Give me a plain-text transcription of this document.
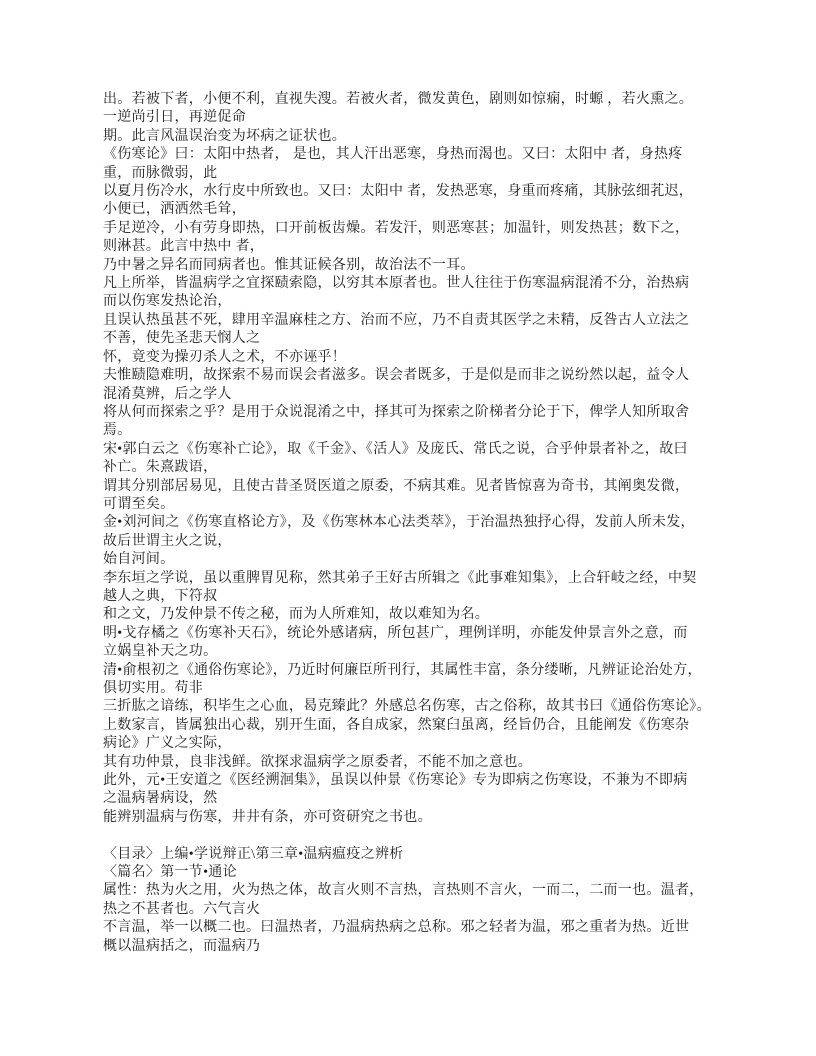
出。若被下者，小便不利，直视失溲。若被火者，微发黄色，剧则如惊痫，时螈 ，若火熏之。
一逆尚引日，再逆促命
期。此言风温误治变为坏病之证状也。
《伤寒论》曰：太阳中热者， 是也，其人汗出恶寒，身热而渴也。又曰：太阳中 者，身热疼
重，而脉微弱，此
以夏月伤冷水，水行皮中所致也。又曰：太阳中 者，发热恶寒，身重而疼痛，其脉弦细芤迟，
小便已，洒洒然毛耸，
手足逆冷，小有劳身即热，口开前板齿燥。若发汗，则恶寒甚；加温针，则发热甚；数下之，
则淋甚。此言中热中 者，
乃中暑之异名而同病者也。惟其证候各别，故治法不一耳。
凡上所举，皆温病学之宜探赜索隐，以穷其本原者也。世人往往于伤寒温病混淆不分，治热病
而以伤寒发热论治，
且误认热虽甚不死，肆用辛温麻桂之方、治而不应，乃不自责其医学之未精，反咎古人立法之
不善，使先圣悲天悯人之
怀，竟变为操刃杀人之术，不亦诬乎！
夫惟赜隐难明，故探索不易而误会者滋多。误会者既多，于是似是而非之说纷然以起，益令人
混淆莫辨，后之学人
将从何而探索之乎？是用于众说混淆之中，择其可为探索之阶梯者分论于下，俾学人知所取舍
焉。
宋•郭白云之《伤寒补亡论》，取《千金》、《活人》及庞氏、常氏之说，合乎仲景者补之，故曰
补亡。朱熹跋语，
谓其分别部居易见，且使古昔圣贤医道之原委，不病其难。见者皆惊喜为奇书，其阐奥发微，
可谓至矣。
金•刘河间之《伤寒直格论方》，及《伤寒林本心法类萃》，于治温热独抒心得，发前人所未发，
故后世谓主火之说，
始自河间。
李东垣之学说，虽以重脾胃见称，然其弟子王好古所辑之《此事难知集》，上合轩岐之经，中契
越人之典，下符叔
和之文，乃发仲景不传之秘，而为人所难知，故以难知为名。
明•戈存橘之《伤寒补天石》，统论外感诸病，所包甚广，理例详明，亦能发仲景言外之意，而
立娲皇补天之功。
清•俞根初之《通俗伤寒论》，乃近时何廉臣所刊行，其属性丰富，条分缕晰，凡辨证论治处方，
俱切实用。苟非
三折肱之谙练，积毕生之心血，曷克臻此？外感总名伤寒，古之俗称，故其书曰《通俗伤寒论》。
上数家言，皆属独出心裁，别开生面，各自成家，然窠臼虽离，经旨仍合，且能阐发《伤寒杂
病论》广义之实际，
其有功仲景，良非浅鲜。欲探求温病学之原委者，不能不加之意也。
此外，元•王安道之《医经溯洄集》，虽误以仲景《伤寒论》专为即病之伤寒设，不兼为不即病
之温病暑病设，然
能辨别温病与伤寒，井井有条，亦可资研究之书也。
〈目录〉上编•学说辩正\第三章•温病瘟疫之辨析
〈篇名〉第一节•通论
属性：热为火之用，火为热之体，故言火则不言热，言热则不言火，一而二，二而一也。温者，
热之不甚者也。六气言火
不言温，举一以概二也。曰温热者，乃温病热病之总称。邪之轻者为温，邪之重者为热。近世
概以温病括之，而温病乃
